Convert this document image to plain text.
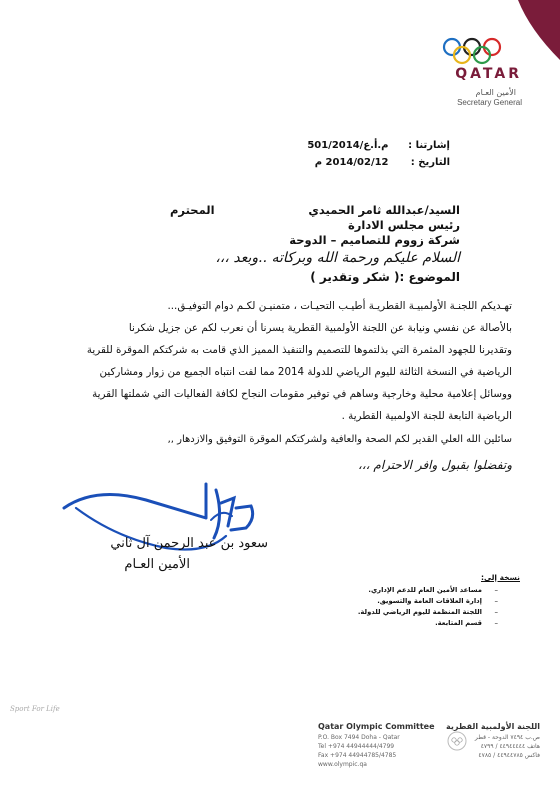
QATAR
الأمين العـام
Secretary General
إشارتنا : م.أ.ع/501/2014
التاريخ : 2014/02/12 م
السيد/عبدالله ثامر الحميدي
المحترم
رئيس مجلس الادارة
شركة زووم للتصاميم – الدوحة
السلام عليكم ورحمة الله وبركاته ..وبعد ،،،
الموضوع :( شكر وتقدير )
تهـديكم اللجنـة الأولمبيـة القطريـة أطيـب التحيـات ، متمنيـن لكـم دوام التوفيـق...
بالأصالة عن نفسي ونيابة عن اللجنة الأولمبية القطرية يسرنا أن نعرب لكم عن جزيل شكرنا
وتقديرنا للجهود المثمرة التي بذلتموها للتصميم والتنفيذ المميز الذي قامت به شركتكم الموقرة للقرية
الرياضية في النسخة الثالثة لليوم الرياضي للدولة 2014 مما لفت انتباه الجميع من زوار ومشاركين
ووسائل إعلامية محلية وخارجية وساهم في توفير مقومات النجاح لكافة الفعاليات التي شملتها القرية
الرياضية التابعة للجنة الاولمبية القطرية .
سائلين الله العلي القدير لكم الصحة والعافية ولشركتكم الموقرة التوفيق والازدهار ,,
وتفضلوا بقبول وافر الاحترام ،،،
سعود بن عبد الرحمن آل ثاني
الأمين العـام
نسخة إلى:
–
مساعد الأمين العام للدعم الإداري.
–
إدارة العلاقات العامة والتسويق.
–
اللجنة المنظمة لليوم الرياضي للدولة.
–
قسم المتابعة.
Sport For Life
Qatar Olympic Committee
P.O. Box 7494 Doha - Qatar
Tel +974 44944444/4799
Fax +974 44944785/4785
www.olympic.qa
اللجنة الأولمبية القطرية
ص.ب ٧٤٩٤ الدوحة - قطر
هاتف ٤٤٩٤٤٤٤٤ / ٤٧٩٩
فاكس ٤٤٩٤٤٧٨٥ / ٤٧٨٥
